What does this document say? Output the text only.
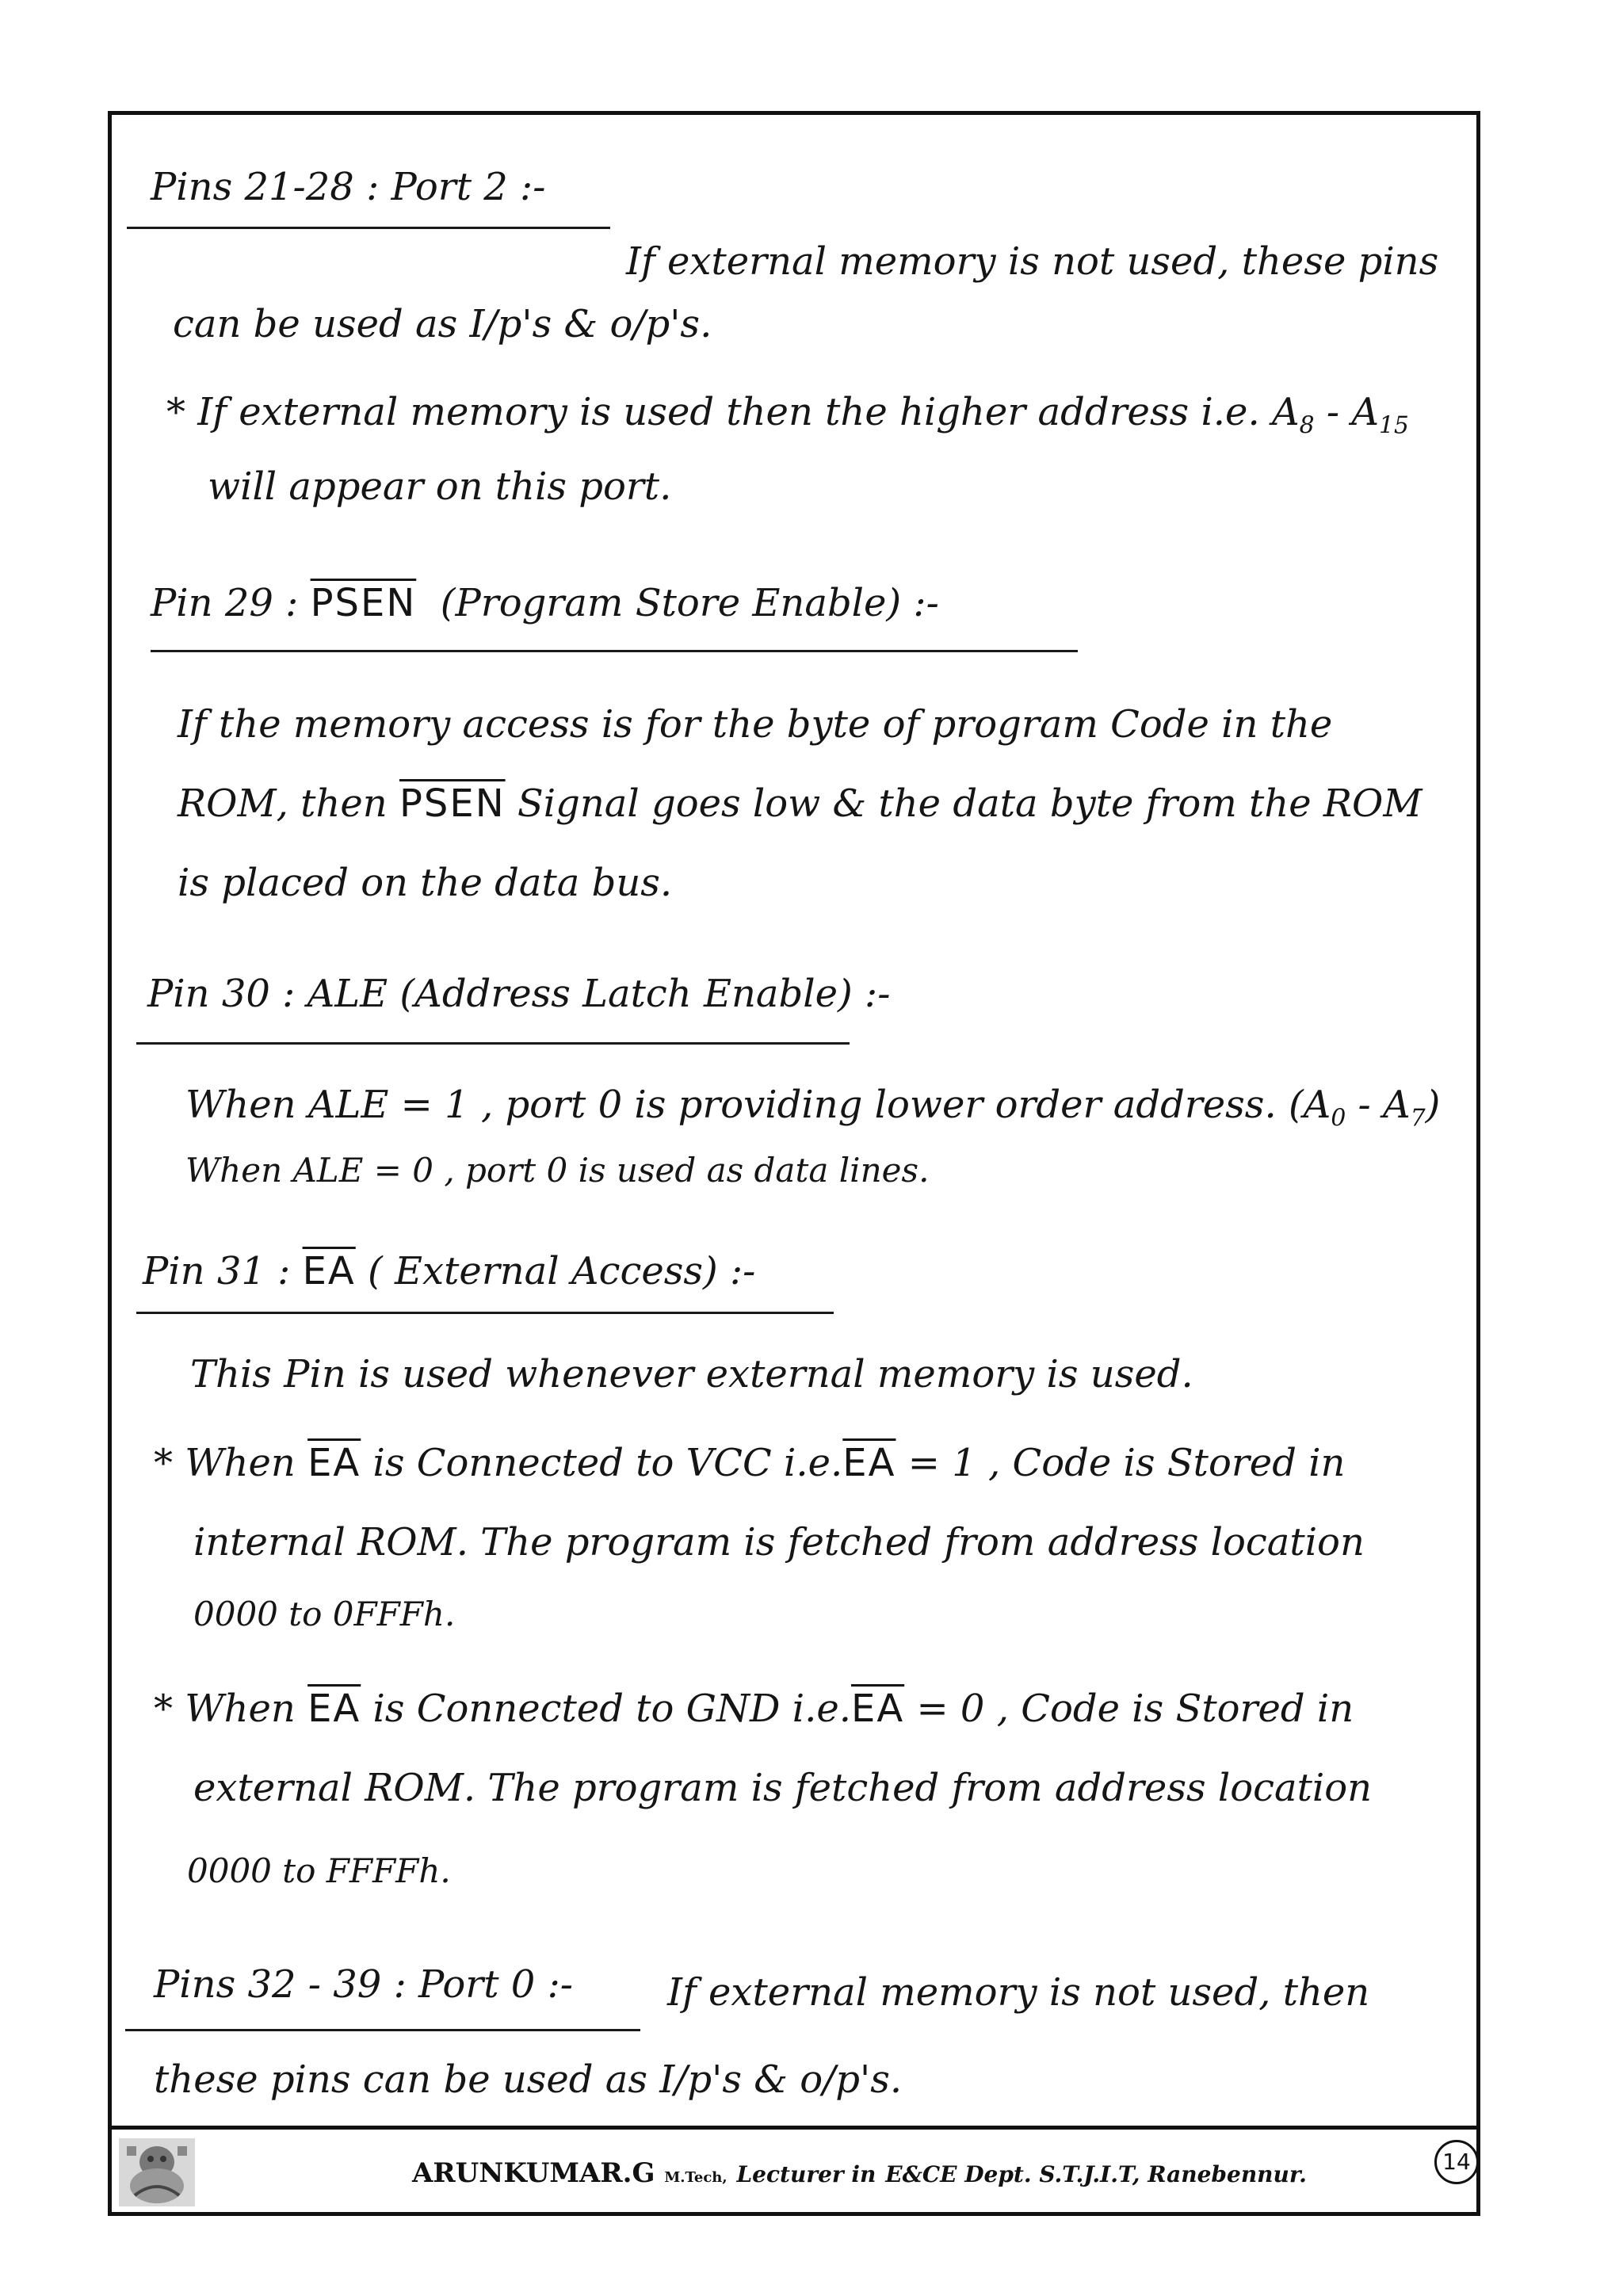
Pins 21-28 : Port 2 :-
If external memory is not used, these pins
can be used as I/p's & o/p's.
* If external memory is used then the higher address i.e. $A_8 - A_{15}$
will appear on this port.
Pin 29 : PSEN (Program Store Enable) :-
If the memory access is for the byte of program Code in the
ROM, then PSEN Signal goes low & the data byte from the ROM
is placed on the data bus.
Pin 30 : ALE (Address Latch Enable) :-
When ALE = 1 , port 0 is providing lower order address. $(A_0 - A_7)$
When ALE = 0 , port 0 is used as data lines.
Pin 31 : $\overline{EA}$ ( External Access) :-
This Pin is used whenever external memory is used.
* When $\overline{EA}$ is Connected to VCC $i.e.\overline{EA} = 1$ , Code is Stored in
internal ROM. The program is fetched from address location
0000 to 0FFFh.
* When $\overline{EA}$ is Connected to GND $i.e.\overline{EA} = 0$ , Code is Stored in
external ROM. The program is fetched from address location
0000 to FFFFh.
Pins 32 - 39 : Port 0 :- If external memory is not used, then
these pins can be used as I/p's & o/p's.
ARUNKUMAR.G M.Tech, Lecturer in E&CE Dept. S.T.J.I.T, Ranebennur.	14
